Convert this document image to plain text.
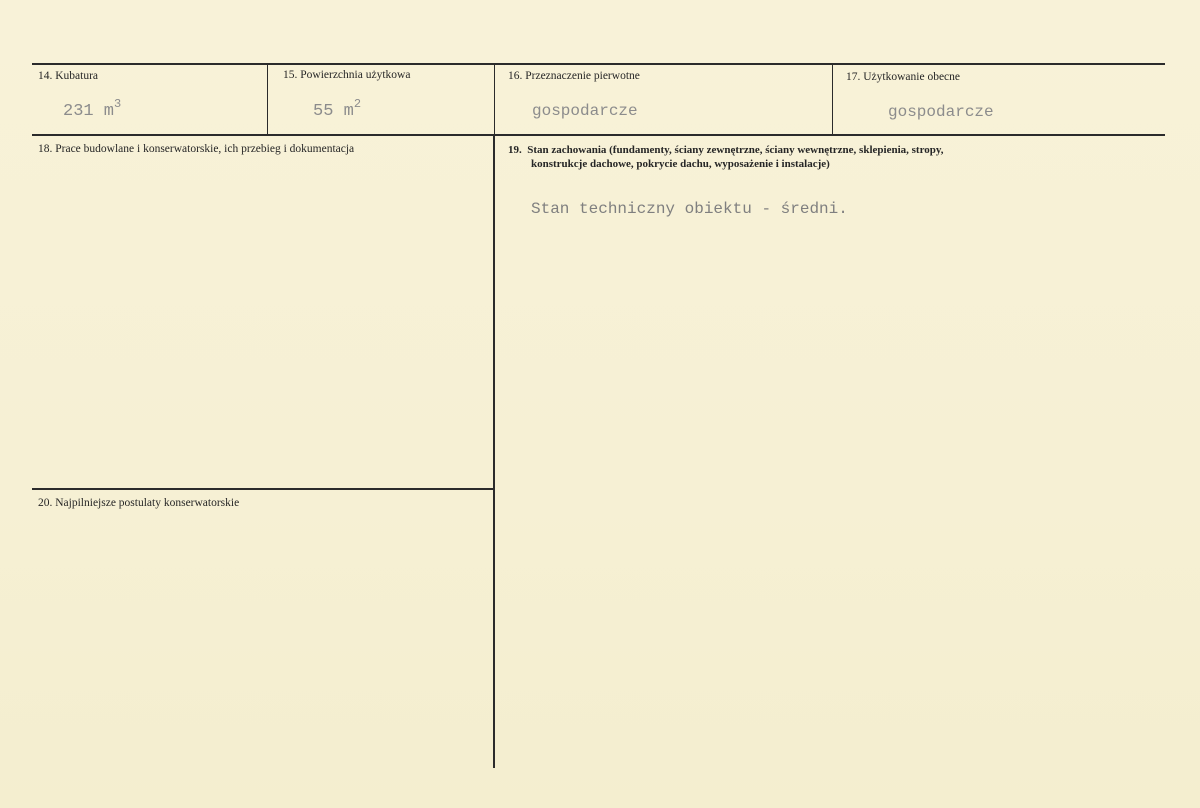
14. Kubatura
231 $m^3$
15. Powierzchnia użytkowa
55 $m^2$
16. Przeznaczenie pierwotne
gospodarcze
17. Użytkowanie obecne
gospodarcze
18. Prace budowlane i konserwatorskie, ich przebieg i dokumentacja	19.  Stan zachowania (fundamenty, ściany zewnętrzne, ściany wewnętrzne, sklepienia, stropy,
konstrukcje dachowe, pokrycie dachu, wyposażenie i instalacje)
Stan techniczny obiektu - średni.
20. Najpilniejsze postulaty konserwatorskie
